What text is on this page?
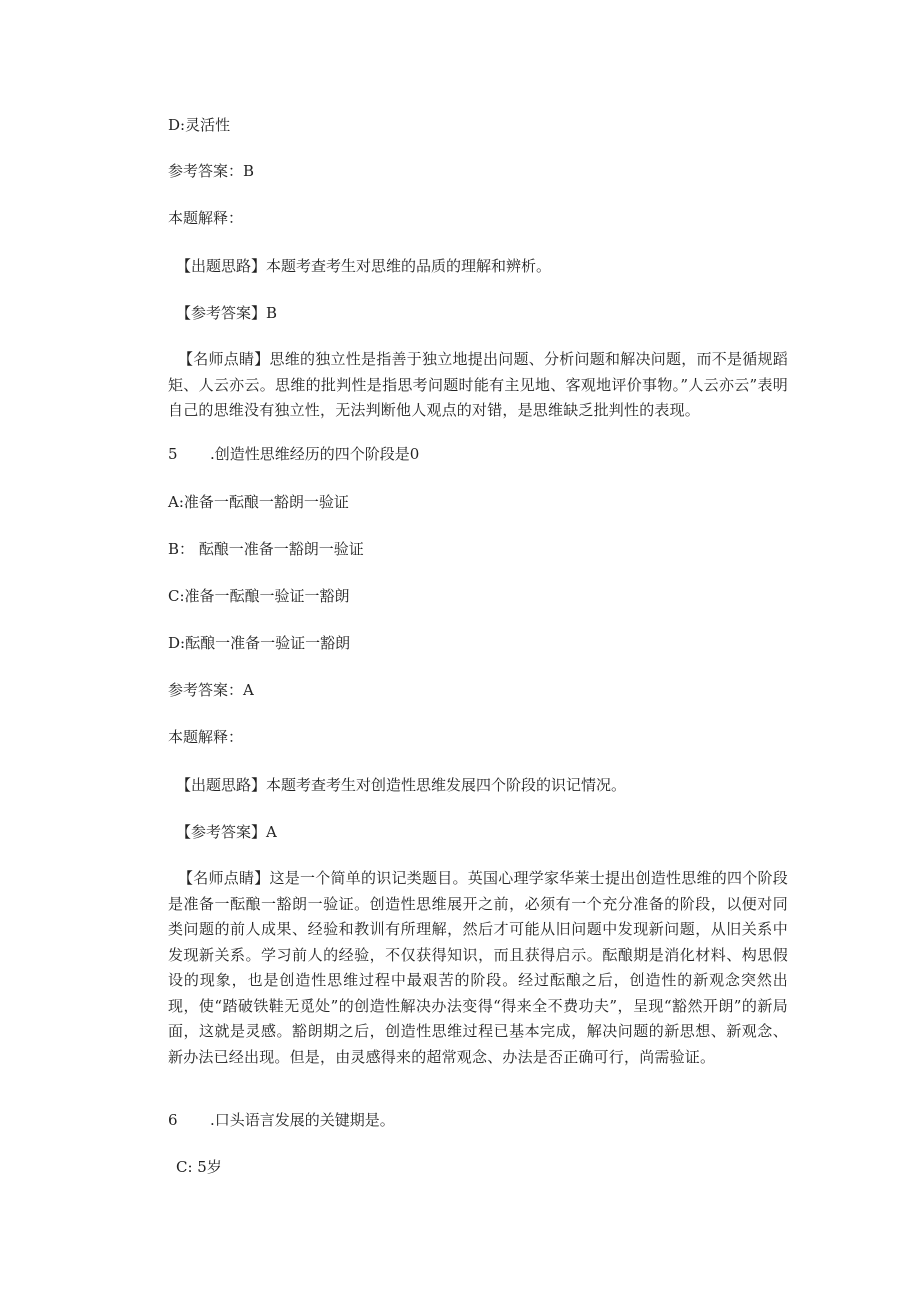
D:灵活性
参考答案：B
本题解释：
【出题思路】本题考查考生对思维的品质的理解和辨析。
【参考答案】B
【名师点睛】思维的独立性是指善于独立地提出问题、分析问题和解决问题，而不是循规蹈矩、人云亦云。思维的批判性是指思考问题时能有主见地、客观地评价事物。”人云亦云”表明自己的思维没有独立性，无法判断他人观点的对错，是思维缺乏批判性的表现。
5 .创造性思维经历的四个阶段是0
A:准备一酝酿一豁朗一验证
B： 酝酿一准备一豁朗一验证
C:准备一酝酿一验证一豁朗
D:酝酿一准备一验证一豁朗
参考答案：A
本题解释：
【出题思路】本题考查考生对创造性思维发展四个阶段的识记情况。
【参考答案】A
【名师点睛】这是一个简单的识记类题目。英国心理学家华莱士提出创造性思维的四个阶段是准备一酝酿一豁朗一验证。创造性思维展开之前，必须有一个充分准备的阶段，以便对同类问题的前人成果、经验和教训有所理解，然后才可能从旧问题中发现新问题，从旧关系中发现新关系。学习前人的经验，不仅获得知识，而且获得启示。酝酿期是消化材料、构思假设的现象，也是创造性思维过程中最艰苦的阶段。经过酝酿之后，创造性的新观念突然出现，使“踏破铁鞋无觅处”的创造性解决办法变得“得来全不费功夫”，呈现“豁然开朗”的新局面，这就是灵感。豁朗期之后，创造性思维过程已基本完成，解决问题的新思想、新观念、新办法已经出现。但是，由灵感得来的超常观念、办法是否正确可行，尚需验证。
6 .口头语言发展的关键期是。
C: 5岁
